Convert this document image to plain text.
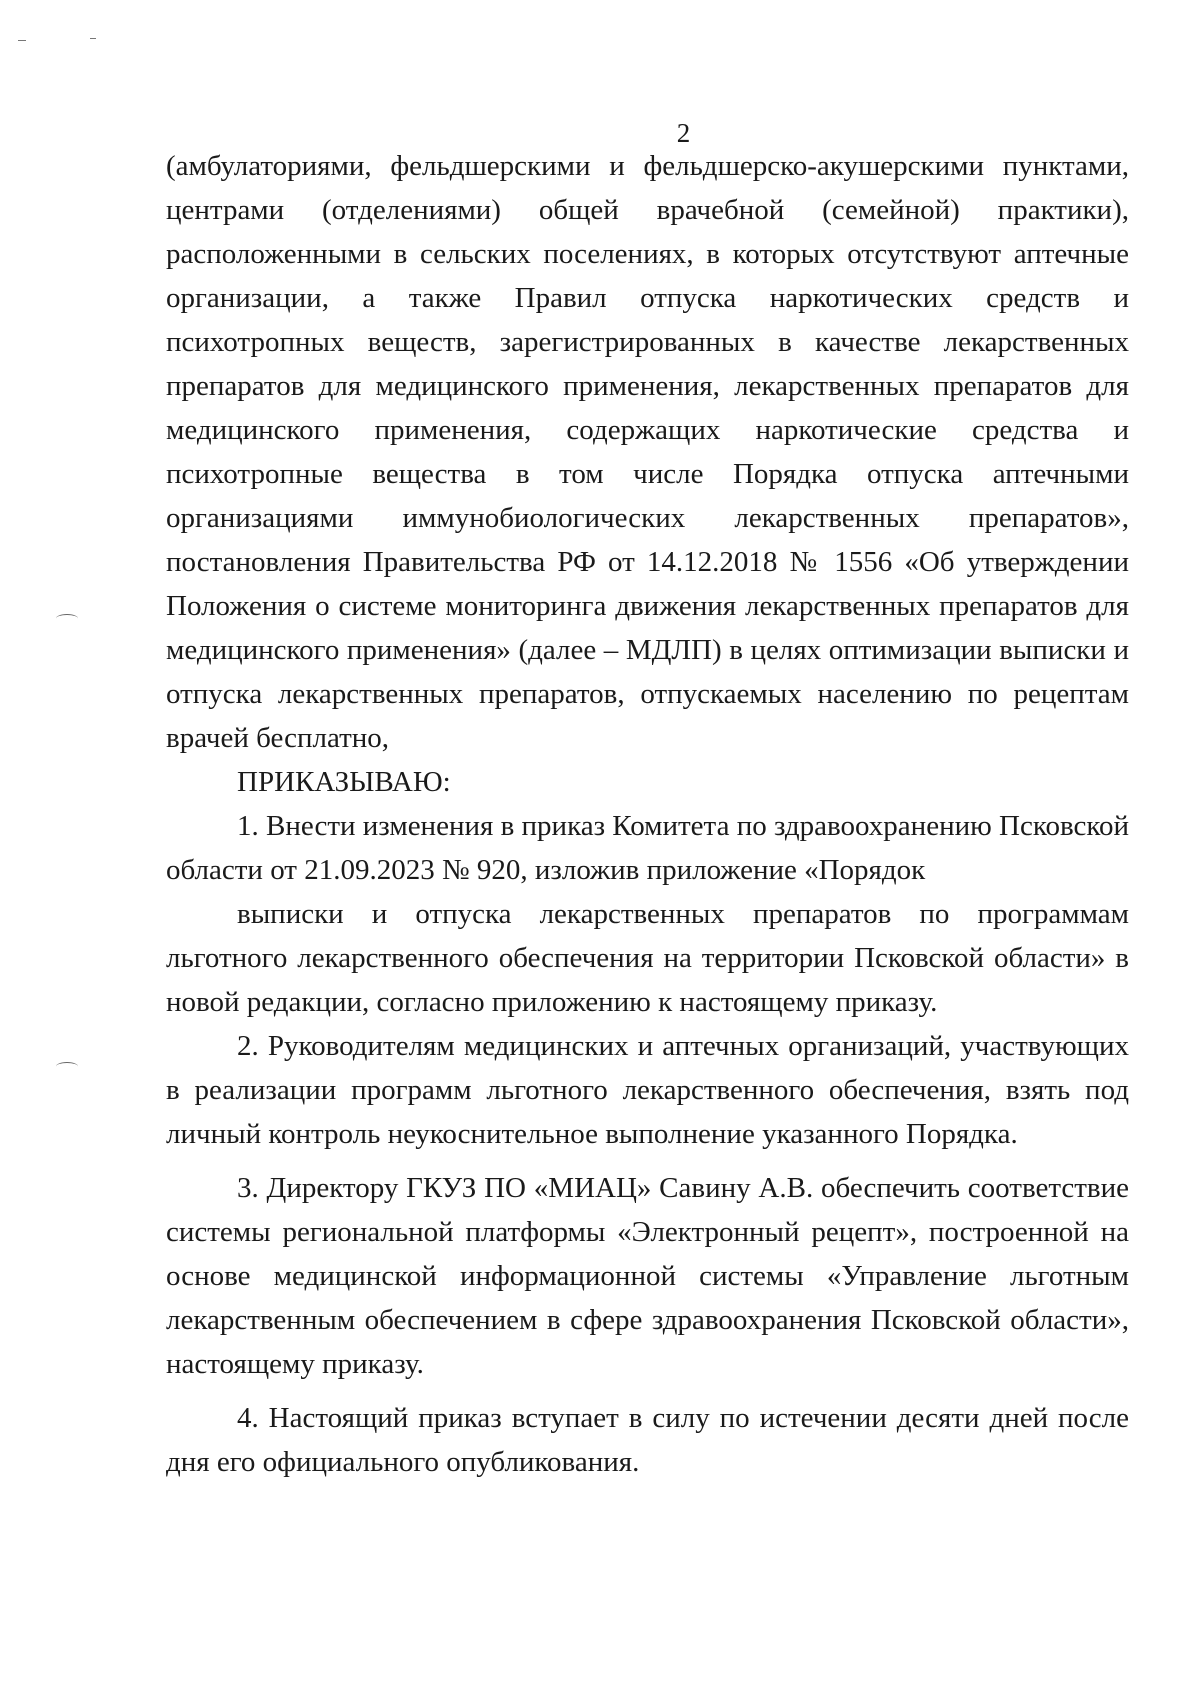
2

(амбулаториями, фельдшерскими и фельдшерско-акушерскими пунктами, центрами (отделениями) общей врачебной (семейной) практики), расположенными в сельских поселениях, в которых отсутствуют аптечные организации, а также Правил отпуска наркотических средств и психотропных веществ, зарегистрированных в качестве лекарственных препаратов для медицинского применения, лекарственных препаратов для медицинского применения, содержащих наркотические средства и психотропные вещества в том числе Порядка отпуска аптечными организациями иммунобиологических лекарственных препаратов», постановления Правительства РФ от 14.12.2018 № 1556 «Об утверждении Положения о системе мониторинга движения лекарственных препаратов для медицинского применения» (далее – МДЛП) в целях оптимизации выписки и отпуска лекарственных препаратов, отпускаемых населению по рецептам врачей бесплатно,

ПРИКАЗЫВАЮ:

1. Внести изменения в приказ Комитета по здравоохранению Псковской области от 21.09.2023 № 920, изложив приложение «Порядок

выписки и отпуска лекарственных препаратов по программам льготного лекарственного обеспечения на территории Псковской области» в новой редакции, согласно приложению к настоящему приказу.

2. Руководителям медицинских и аптечных организаций, участвующих в реализации программ льготного лекарственного обеспечения, взять под личный контроль неукоснительное выполнение указанного Порядка.

3. Директору ГКУЗ ПО «МИАЦ» Савину А.В. обеспечить соответствие системы региональной платформы «Электронный рецепт», построенной на основе медицинской информационной системы «Управление льготным лекарственным обеспечением в сфере здравоохранения Псковской области», настоящему приказу.

4. Настоящий приказ вступает в силу по истечении десяти дней после дня его официального опубликования.
